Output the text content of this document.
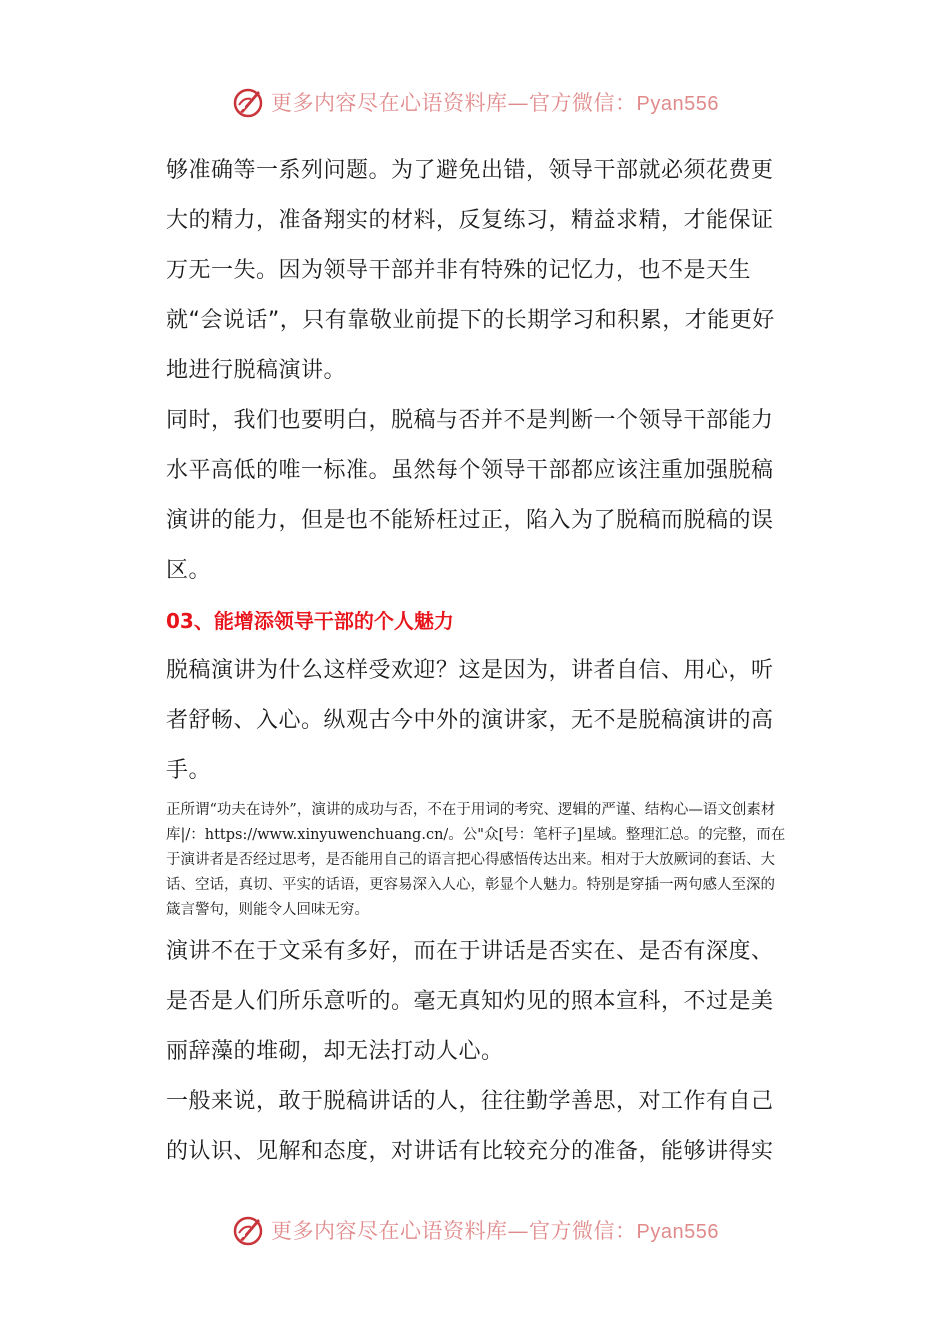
更多内容尽在心语资料库—官方微信：Pyan556

够准确等一系列问题。为了避免出错，领导干部就必须花费更大的精力，准备翔实的材料，反复练习，精益求精，才能保证万无一失。因为领导干部并非有特殊的记忆力，也不是天生就“会说话”，只有靠敬业前提下的长期学习和积累，才能更好地进行脱稿演讲。

同时，我们也要明白，脱稿与否并不是判断一个领导干部能力水平高低的唯一标准。虽然每个领导干部都应该注重加强脱稿演讲的能力，但是也不能矫枉过正，陷入为了脱稿而脱稿的误区。

03、能增添领导干部的个人魅力

脱稿演讲为什么这样受欢迎？这是因为，讲者自信、用心，听者舒畅、入心。纵观古今中外的演讲家，无不是脱稿演讲的高手。

正所谓“功夫在诗外”，演讲的成功与否，不在于用词的考究、逻辑的严谨、结构心—语文创素材库|/：https://www.xinyuwenchuang.cn/。公"众[号：笔杆子]星域。整理汇总。的完整，而在于演讲者是否经过思考，是否能用自己的语言把心得感悟传达出来。相对于大放厥词的套话、大话、空话，真切、平实的话语，更容易深入人心，彰显个人魅力。特别是穿插一两句感人至深的箴言警句，则能令人回味无穷。

演讲不在于文采有多好，而在于讲话是否实在、是否有深度、是否是人们所乐意听的。毫无真知灼见的照本宣科，不过是美丽辞藻的堆砌，却无法打动人心。

一般来说，敢于脱稿讲话的人，往往勤学善思，对工作有自己的认识、见解和态度，对讲话有比较充分的准备，能够讲得实

更多内容尽在心语资料库—官方微信：Pyan556
